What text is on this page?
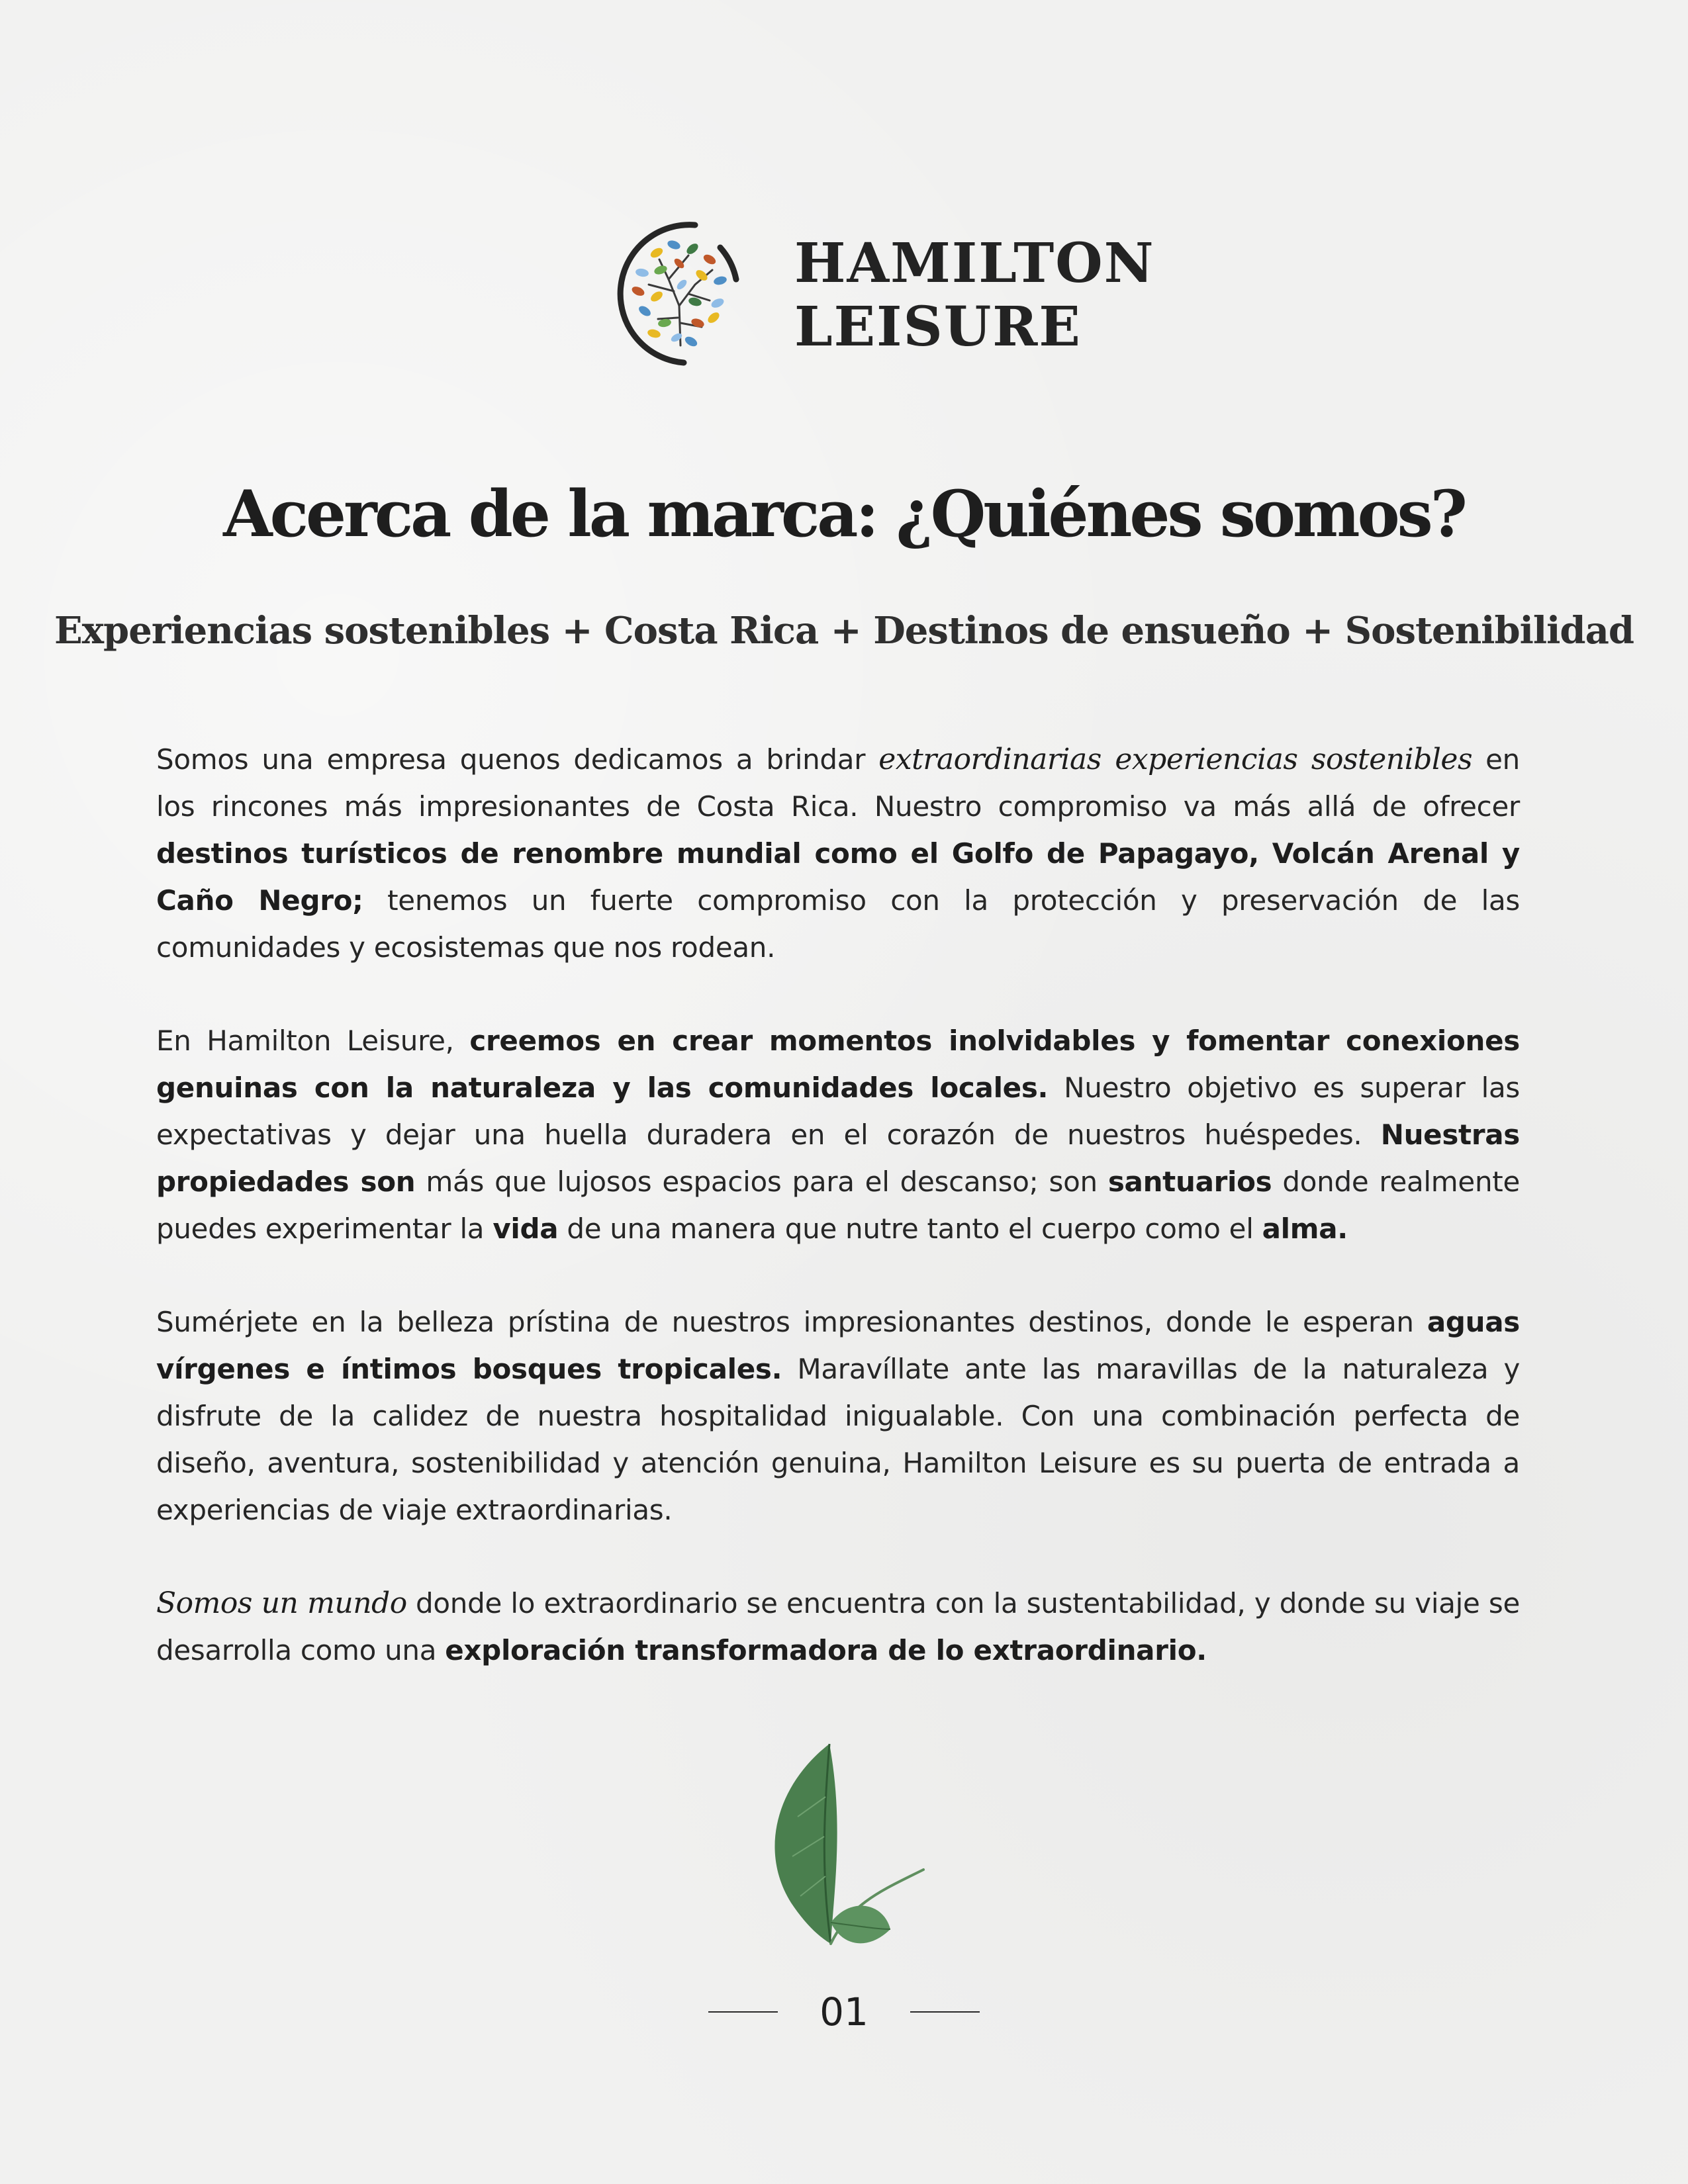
HAMILTON
LEISURE
Acerca de la marca: ¿Quiénes somos?
Experiencias sostenibles + Costa Rica + Destinos de ensueño + Sostenibilidad

Somos una empresa quenos dedicamos a brindar extraordinarias experiencias sostenibles en los rincones más impresionantes de Costa Rica. Nuestro compromiso va más allá de ofrecer destinos turísticos de renombre mundial como el Golfo de Papagayo, Volcán Arenal y Caño Negro; tenemos un fuerte compromiso con la protección y preservación de las comunidades y ecosistemas que nos rodean.

En Hamilton Leisure, creemos en crear momentos inolvidables y fomentar conexiones genuinas con la naturaleza y las comunidades locales. Nuestro objetivo es superar las expectativas y dejar una huella duradera en el corazón de nuestros huéspedes. Nuestras propiedades son más que lujosos espacios para el descanso; son santuarios donde realmente puedes experimentar la vida de una manera que nutre tanto el cuerpo como el alma.

Sumérjete en la belleza prístina de nuestros impresionantes destinos, donde le esperan aguas vírgenes e íntimos bosques tropicales. Maravíllate ante las maravillas de la naturaleza y disfrute de la calidez de nuestra hospitalidad inigualable. Con una combinación perfecta de diseño, aventura, sostenibilidad y atención genuina, Hamilton Leisure es su puerta de entrada a experiencias de viaje extraordinarias.

Somos un mundo donde lo extraordinario se encuentra con la sustentabilidad, y donde su viaje se desarrolla como una exploración transformadora de lo extraordinario.

01
